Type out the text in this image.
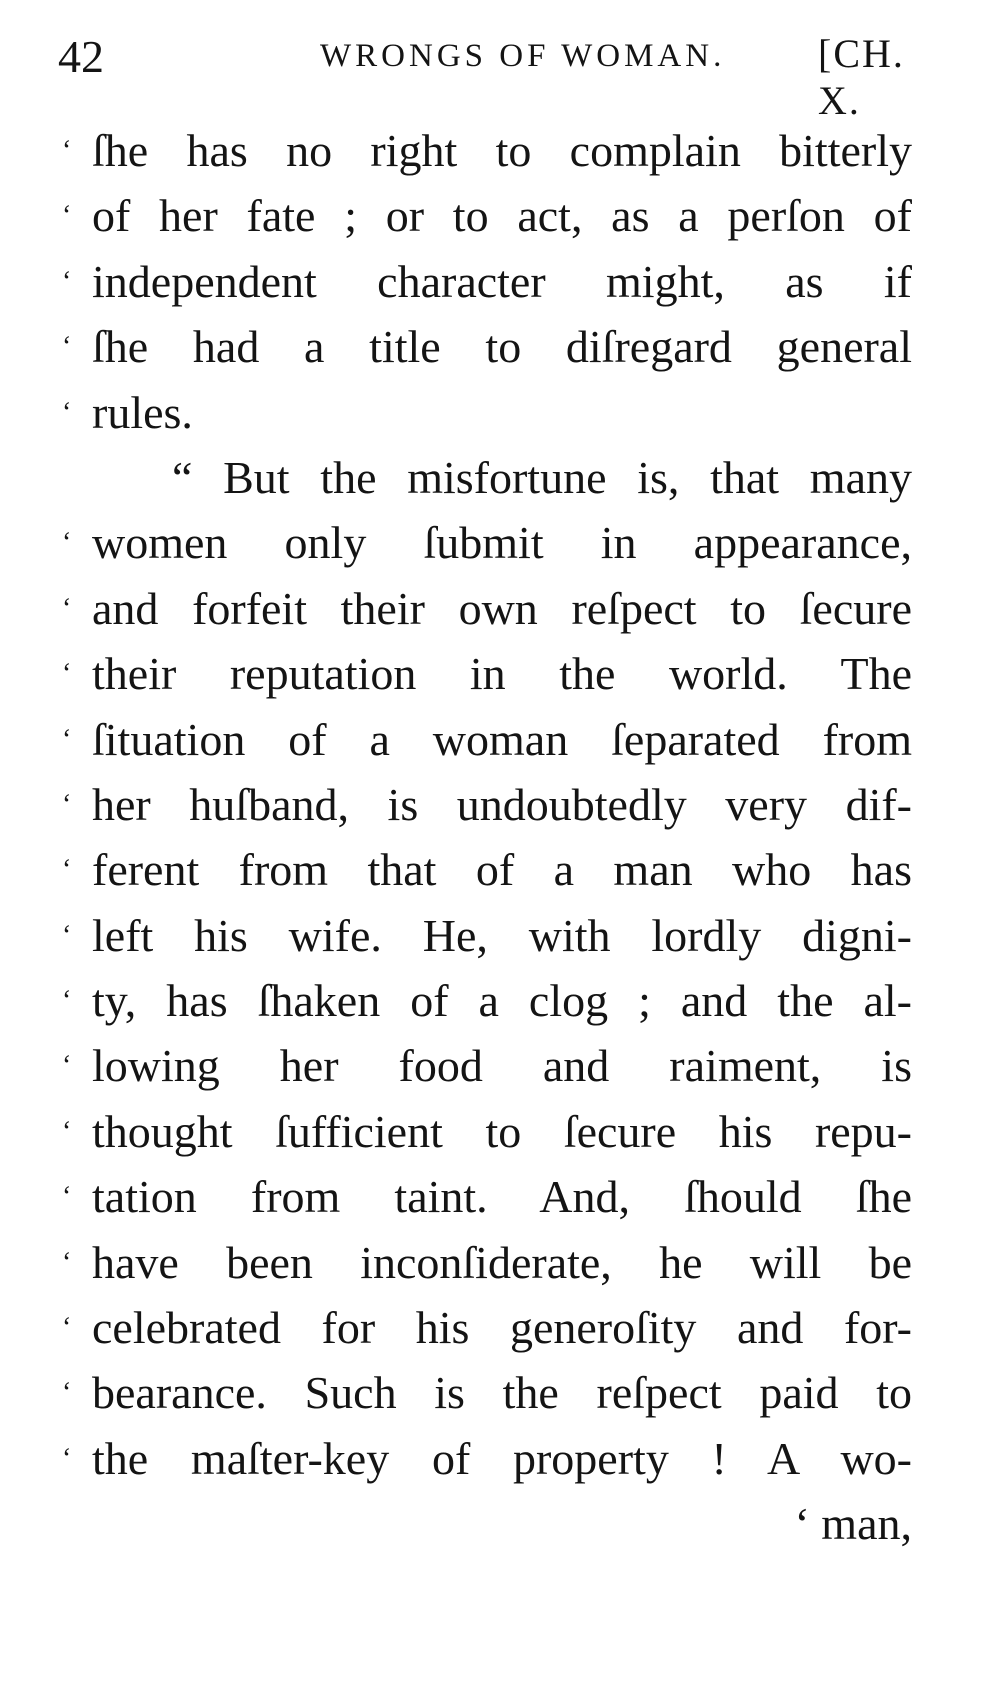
42	WRONGS OF WOMAN. [CH. X.
‘ ſhe has no right to complain bitterly
‘ of her fate ; or to act, as a perſon of
‘ independent character might, as if
‘ ſhe had a title to diſregard general
‘ rules.
“ But the misfortune is, that many
‘ women only ſubmit in appearance,
‘ and forfeit their own reſpect to ſecure
‘ their reputation in the world. The
‘ ſituation of a woman ſeparated from
‘ her huſband, is undoubtedly very dif-
‘ ferent from that of a man who has
‘ left his wife. He, with lordly digni-
‘ ty, has ſhaken of a clog ; and the al-
‘ lowing her food and raiment, is
‘ thought ſufficient to ſecure his repu-
‘ tation from taint. And, ſhould ſhe
‘ have been inconſiderate, he will be
‘ celebrated for his generoſity and for-
‘ bearance. Such is the reſpect paid to
‘ the maſter-key of property ! A wo-
‘ man,
